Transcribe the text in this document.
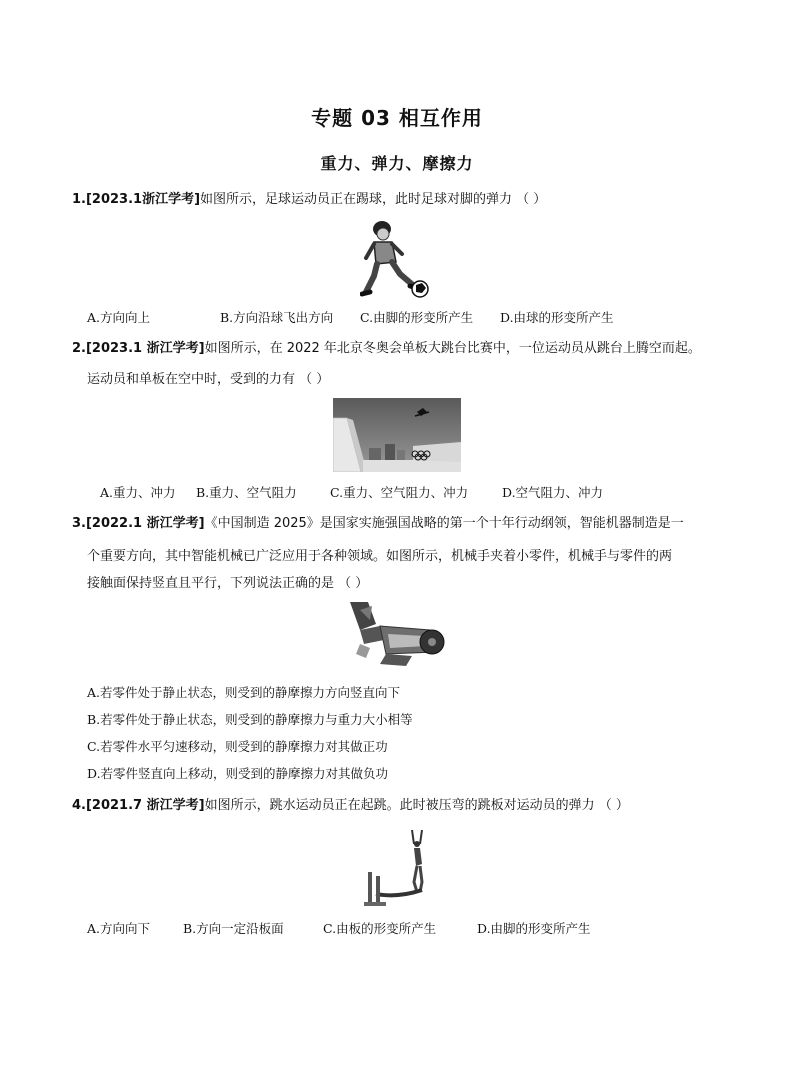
专题 03 相互作用
重力、弹力、摩擦力
1.[2023.1浙江学考]如图所示，足球运动员正在踢球，此时足球对脚的弹力 （ ）
A.方向向上	B.方向沿球飞出方向 C.由脚的形变所产生 D.由球的形变所产生
2.[2023.1 浙江学考]如图所示，在 2022 年北京冬奥会单板大跳台比赛中，一位运动员从跳台上腾空而起。
运动员和单板在空中时，受到的力有 （ ）
A.重力、冲力 B.重力、空气阻力	C.重力、空气阻力、冲力	D.空气阻力、冲力
3.[2022.1 浙江学考]《中国制造 2025》是国家实施强国战略的第一个十年行动纲领，智能机器制造是一
个重要方向，其中智能机械已广泛应用于各种领域。如图所示，机械手夹着小零件，机械手与零件的两
接触面保持竖直且平行，下列说法正确的是 （ ）
A.若零件处于静止状态，则受到的静摩擦力方向竖直向下
B.若零件处于静止状态，则受到的静摩擦力与重力大小相等
C.若零件水平匀速移动，则受到的静摩擦力对其做正功
D.若零件竖直向上移动，则受到的静摩擦力对其做负功
4.[2021.7 浙江学考]如图所示，跳水运动员正在起跳。此时被压弯的跳板对运动员的弹力 （ ）
A.方向向下	B.方向一定沿板面	C.由板的形变所产生	D.由脚的形变所产生
